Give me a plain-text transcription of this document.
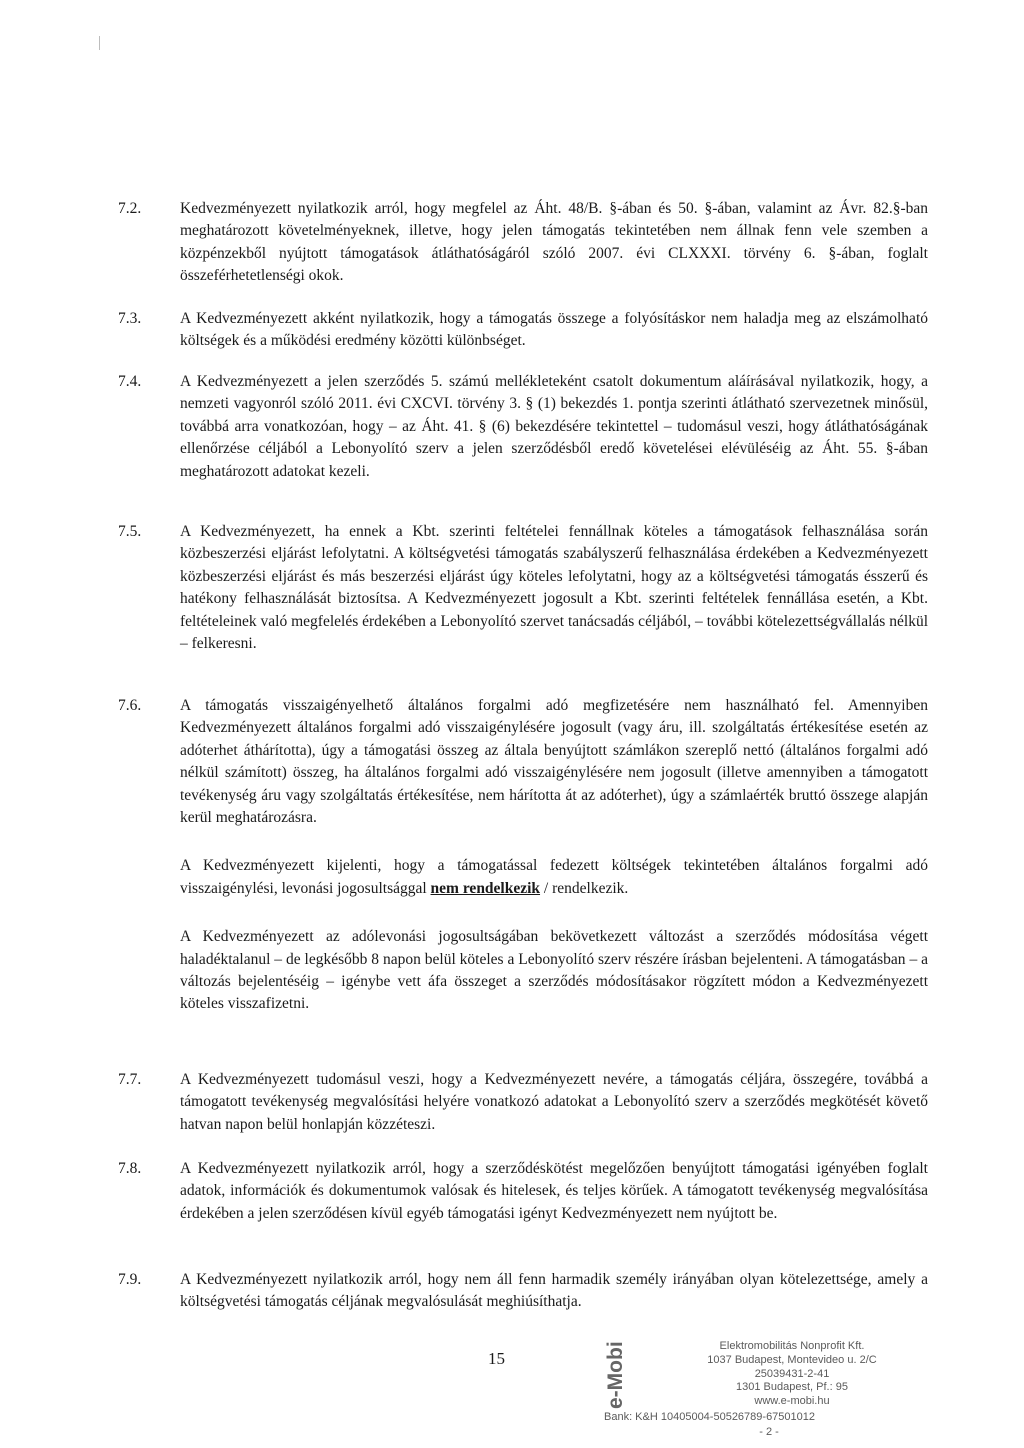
7.2.	Kedvezményezett nyilatkozik arról, hogy megfelel az Áht. 48/B. §-ában és 50. §-ában, valamint az Ávr. 82.§-ban meghatározott követelményeknek, illetve, hogy jelen támogatás tekintetében nem állnak fenn vele szemben a közpénzekből nyújtott támogatások átláthatóságáról szóló 2007. évi CLXXXI. törvény 6. §-ában, foglalt összeférhetetlenségi okok.

7.3.	A Kedvezményezett akként nyilatkozik, hogy a támogatás összege a folyósításkor nem haladja meg az elszámolható költségek és a működési eredmény közötti különbséget.

7.4.	A Kedvezményezett a jelen szerződés 5. számú mellékleteként csatolt dokumentum aláírásával nyilatkozik, hogy, a nemzeti vagyonról szóló 2011. évi CXCVI. törvény 3. § (1) bekezdés 1. pontja szerinti átlátható szervezetnek minősül, továbbá arra vonatkozóan, hogy – az Áht. 41. § (6) bekezdésére tekintettel – tudomásul veszi, hogy átláthatóságának ellenőrzése céljából a Lebonyolító szerv a jelen szerződésből eredő követelései elévüléséig az Áht. 55. §-ában meghatározott adatokat kezeli.

7.5.	A Kedvezményezett, ha ennek a Kbt. szerinti feltételei fennállnak köteles a támogatások felhasználása során közbeszerzési eljárást lefolytatni. A költségvetési támogatás szabályszerű felhasználása érdekében a Kedvezményezett közbeszerzési eljárást és más beszerzési eljárást úgy köteles lefolytatni, hogy az a költségvetési támogatás ésszerű és hatékony felhasználását biztosítsa. A Kedvezményezett jogosult a Kbt. szerinti feltételek fennállása esetén, a Kbt. feltételeinek való megfelelés érdekében a Lebonyolító szervet tanácsadás céljából, – további kötelezettségvállalás nélkül – felkeresni.

7.6.	A támogatás visszaigényelhető általános forgalmi adó megfizetésére nem használható fel. Amennyiben Kedvezményezett általános forgalmi adó visszaigénylésére jogosult (vagy áru, ill. szolgáltatás értékesítése esetén az adóterhet áthárította), úgy a támogatási összeg az általa benyújtott számlákon szereplő nettó (általános forgalmi adó nélkül számított) összeg, ha általános forgalmi adó visszaigénylésére nem jogosult (illetve amennyiben a támogatott tevékenység áru vagy szolgáltatás értékesítése, nem hárította át az adóterhet), úgy a számlaérték bruttó összege alapján kerül meghatározásra.

A Kedvezményezett kijelenti, hogy a támogatással fedezett költségek tekintetében általános forgalmi adó visszaigénylési, levonási jogosultsággal nem rendelkezik / rendelkezik.

A Kedvezményezett az adólevonási jogosultságában bekövetkezett változást a szerződés módosítása végett haladéktalanul – de legkésőbb 8 napon belül köteles a Lebonyolító szerv részére írásban bejelenteni. A támogatásban – a változás bejelentéséig – igénybe vett áfa összeget a szerződés módosításakor rögzített módon a Kedvezményezett köteles visszafizetni.

7.7.	A Kedvezményezett tudomásul veszi, hogy a Kedvezményezett nevére, a támogatás céljára, összegére, továbbá a támogatott tevékenység megvalósítási helyére vonatkozó adatokat a Lebonyolító szerv a szerződés megkötését követő hatvan napon belül honlapján közzéteszi.

7.8.	A Kedvezményezett nyilatkozik arról, hogy a szerződéskötést megelőzően benyújtott támogatási igényében foglalt adatok, információk és dokumentumok valósak és hitelesek, és teljes körűek. A támogatott tevékenység megvalósítása érdekében a jelen szerződésen kívül egyéb támogatási igényt Kedvezményezett nem nyújtott be.

7.9.	A Kedvezményezett nyilatkozik arról, hogy nem áll fenn harmadik személy irányában olyan kötelezettsége, amely a költségvetési támogatás céljának megvalósulását meghiúsíthatja.

15	e-Mobi	Elektromobilitás Nonprofit Kft.
1037 Budapest, Montevideo u. 2/C
25039431-2-41
1301 Budapest, Pf.: 95
www.e-mobi.hu
Bank: K&H 10405004-50526789-67501012
- 2 -
